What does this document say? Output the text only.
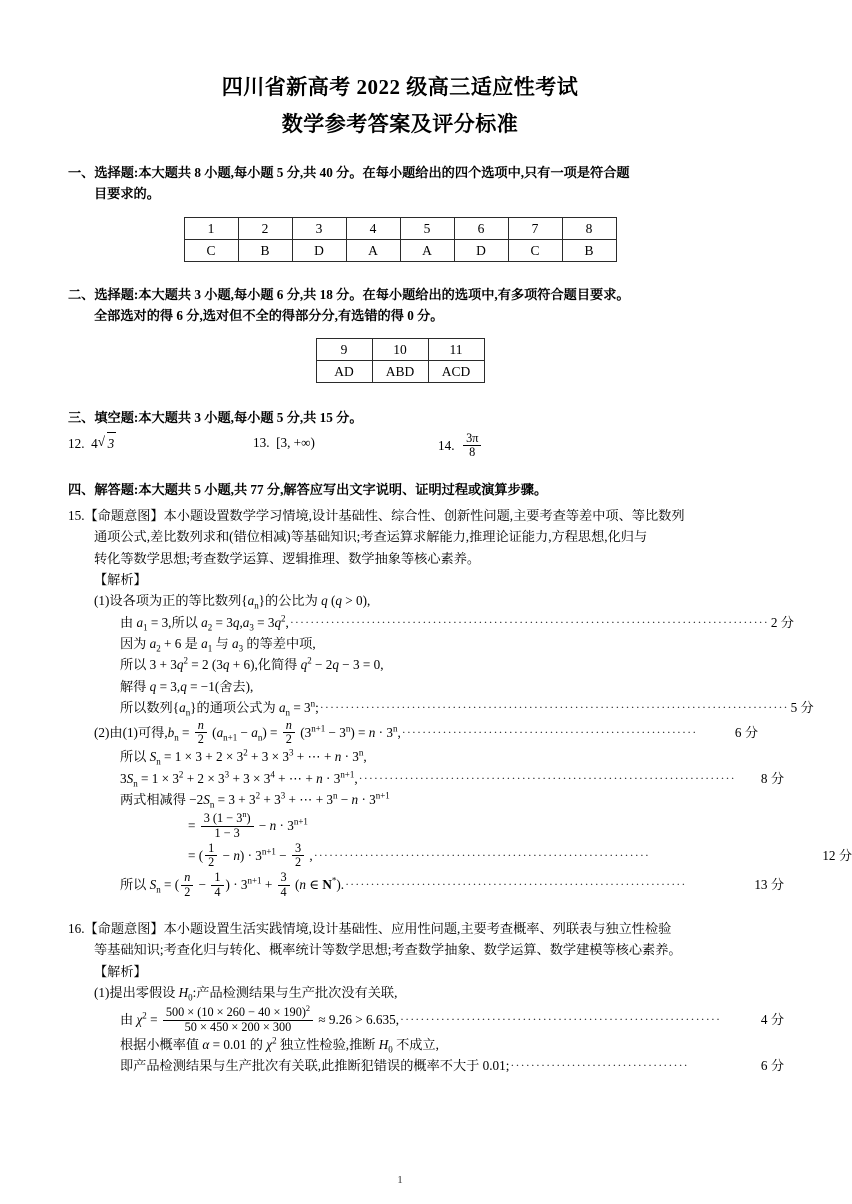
四川省新高考 2022 级高三适应性考试
数学参考答案及评分标准
一、选择题:本大题共 8 小题,每小题 5 分,共 40 分。在每小题给出的四个选项中,只有一项是符合题
目要求的。
1	2	3	4	5	6	7	8
C	B	D	A	A	D	C	B
二、选择题:本大题共 3 小题,每小题 6 分,共 18 分。在每小题给出的选项中,有多项符合题目要求。
全部选对的得 6 分,选对但不全的得部分分,有选错的得 0 分。
9	10	11
AD	ABD	ACD
三、填空题:本大题共 3 小题,每小题 5 分,共 15 分。
12. 4 √ 3	13. [3, +∞)	14. $\frac{3\pi}{8}$
四、解答题:本大题共 5 小题,共 77 分,解答应写出文字说明、证明过程或演算步骤。
15.【命题意图】本小题设置数学学习情境,设计基础性、综合性、创新性问题,主要考查等差中项、等比数列
通项公式,差比数列求和(错位相减)等基础知识;考查运算求解能力,推理论证能力,方程思想,化归与
转化等数学思想;考查数学运算、逻辑推理、数学抽象等核心素养。
【解析】
(1)设各项为正的等比数列$\{a_n\}$的公比为 q (q > 0),
由 $a_1 = 3$,所以 $a_2 = 3q,a_3 = 3q^2$, ······························································································ 2 分
因为 $a_2 + 6$ 是 $a_1$ 与 $a_3$ 的等差中项,
所以 $3 + 3q^2 = 2$ (3q + 6),化简得 $q^2 - 2q - 3 = 0$,
解得 q = 3,q = −1(舍去),
所以数列$\{a_n\}$的通项公式为 $a_n = 3^n$; ···························································································· 5 分
(2)由(1)可得$,b_n = \frac{n}{2} (a_{n+1} - a_n) = \frac{n}{2} (3^{n+1} - 3^n) = n \cdot 3^n$, ··························································	6 分
所以 $S_n = 1 \times 3 + 2 \times 3^2 + 3 \times 3^3$ + ⋯ + $n \cdot 3^n$,
$3S_n = 1 \times 3^2 + 2 \times 3^3 + 3 \times 3^4$ + ⋯ + $n \cdot 3^{n+1}$, ··········································································	8 分
两式相减得 $-2S_n = 3 + 3^2 + 3^3$ + ⋯ + $3^n - n \cdot 3^{n+1}$
= $\frac{3 (1 - 3^n)}{1 - 3} - n \cdot 3^{n+1}$
= ( $\frac{1}{2} - n) \cdot 3^{n+1} - \frac{3}{2}$ , ··································································	12 分
所以 $S_n$ = ( $\frac{n}{2} - \frac{1}{4}$ ) · $3^{n+1} + \frac{3}{4} (n$ ∈ N*). ···································································	13 分
16.【命题意图】本小题设置生活实践情境,设计基础性、应用性问题,主要考查概率、列联表与独立性检验
等基础知识;考查化归与转化、概率统计等数学思想;考查数学抽象、数学运算、数学建模等核心素养。
【解析】
(1)提出零假设 $H_0$:产品检测结果与生产批次没有关联,
由 $\chi^2 = \frac{500 \times (10 \times 260 - 40 \times 190)^2}{50 \times 450 \times 200 \times 300} \approx 9.26 > 6.635$, ·······························································	4 分
根据小概率值 α = 0.01 的 $\chi^2$ 独立性检验,推断 $H_0$ 不成立,
即产品检测结果与生产批次有关联,此推断犯错误的概率不大于 0.01; ···································	6 分
1
